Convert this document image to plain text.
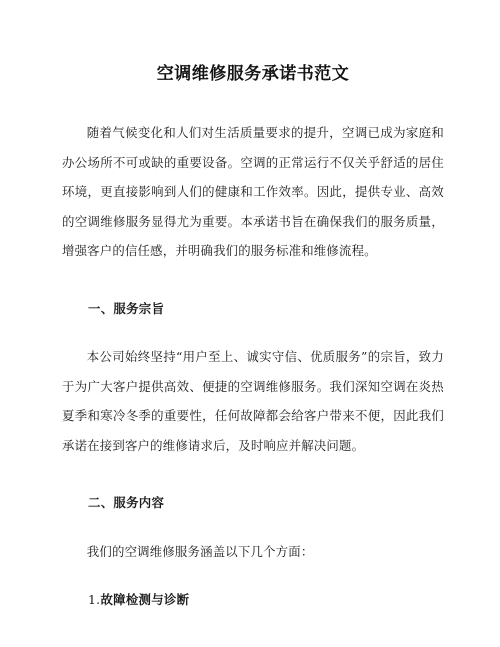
空调维修服务承诺书范文

随着气候变化和人们对生活质量要求的提升，空调已成为家庭和办公场所不可或缺的重要设备。空调的正常运行不仅关乎舒适的居住环境，更直接影响到人们的健康和工作效率。因此，提供专业、高效的空调维修服务显得尤为重要。本承诺书旨在确保我们的服务质量，增强客户的信任感，并明确我们的服务标准和维修流程。

一、服务宗旨

本公司始终坚持“用户至上、诚实守信、优质服务”的宗旨，致力于为广大客户提供高效、便捷的空调维修服务。我们深知空调在炎热夏季和寒冷冬季的重要性，任何故障都会给客户带来不便，因此我们承诺在接到客户的维修请求后，及时响应并解决问题。

二、服务内容

我们的空调维修服务涵盖以下几个方面：

1.故障检测与诊断
